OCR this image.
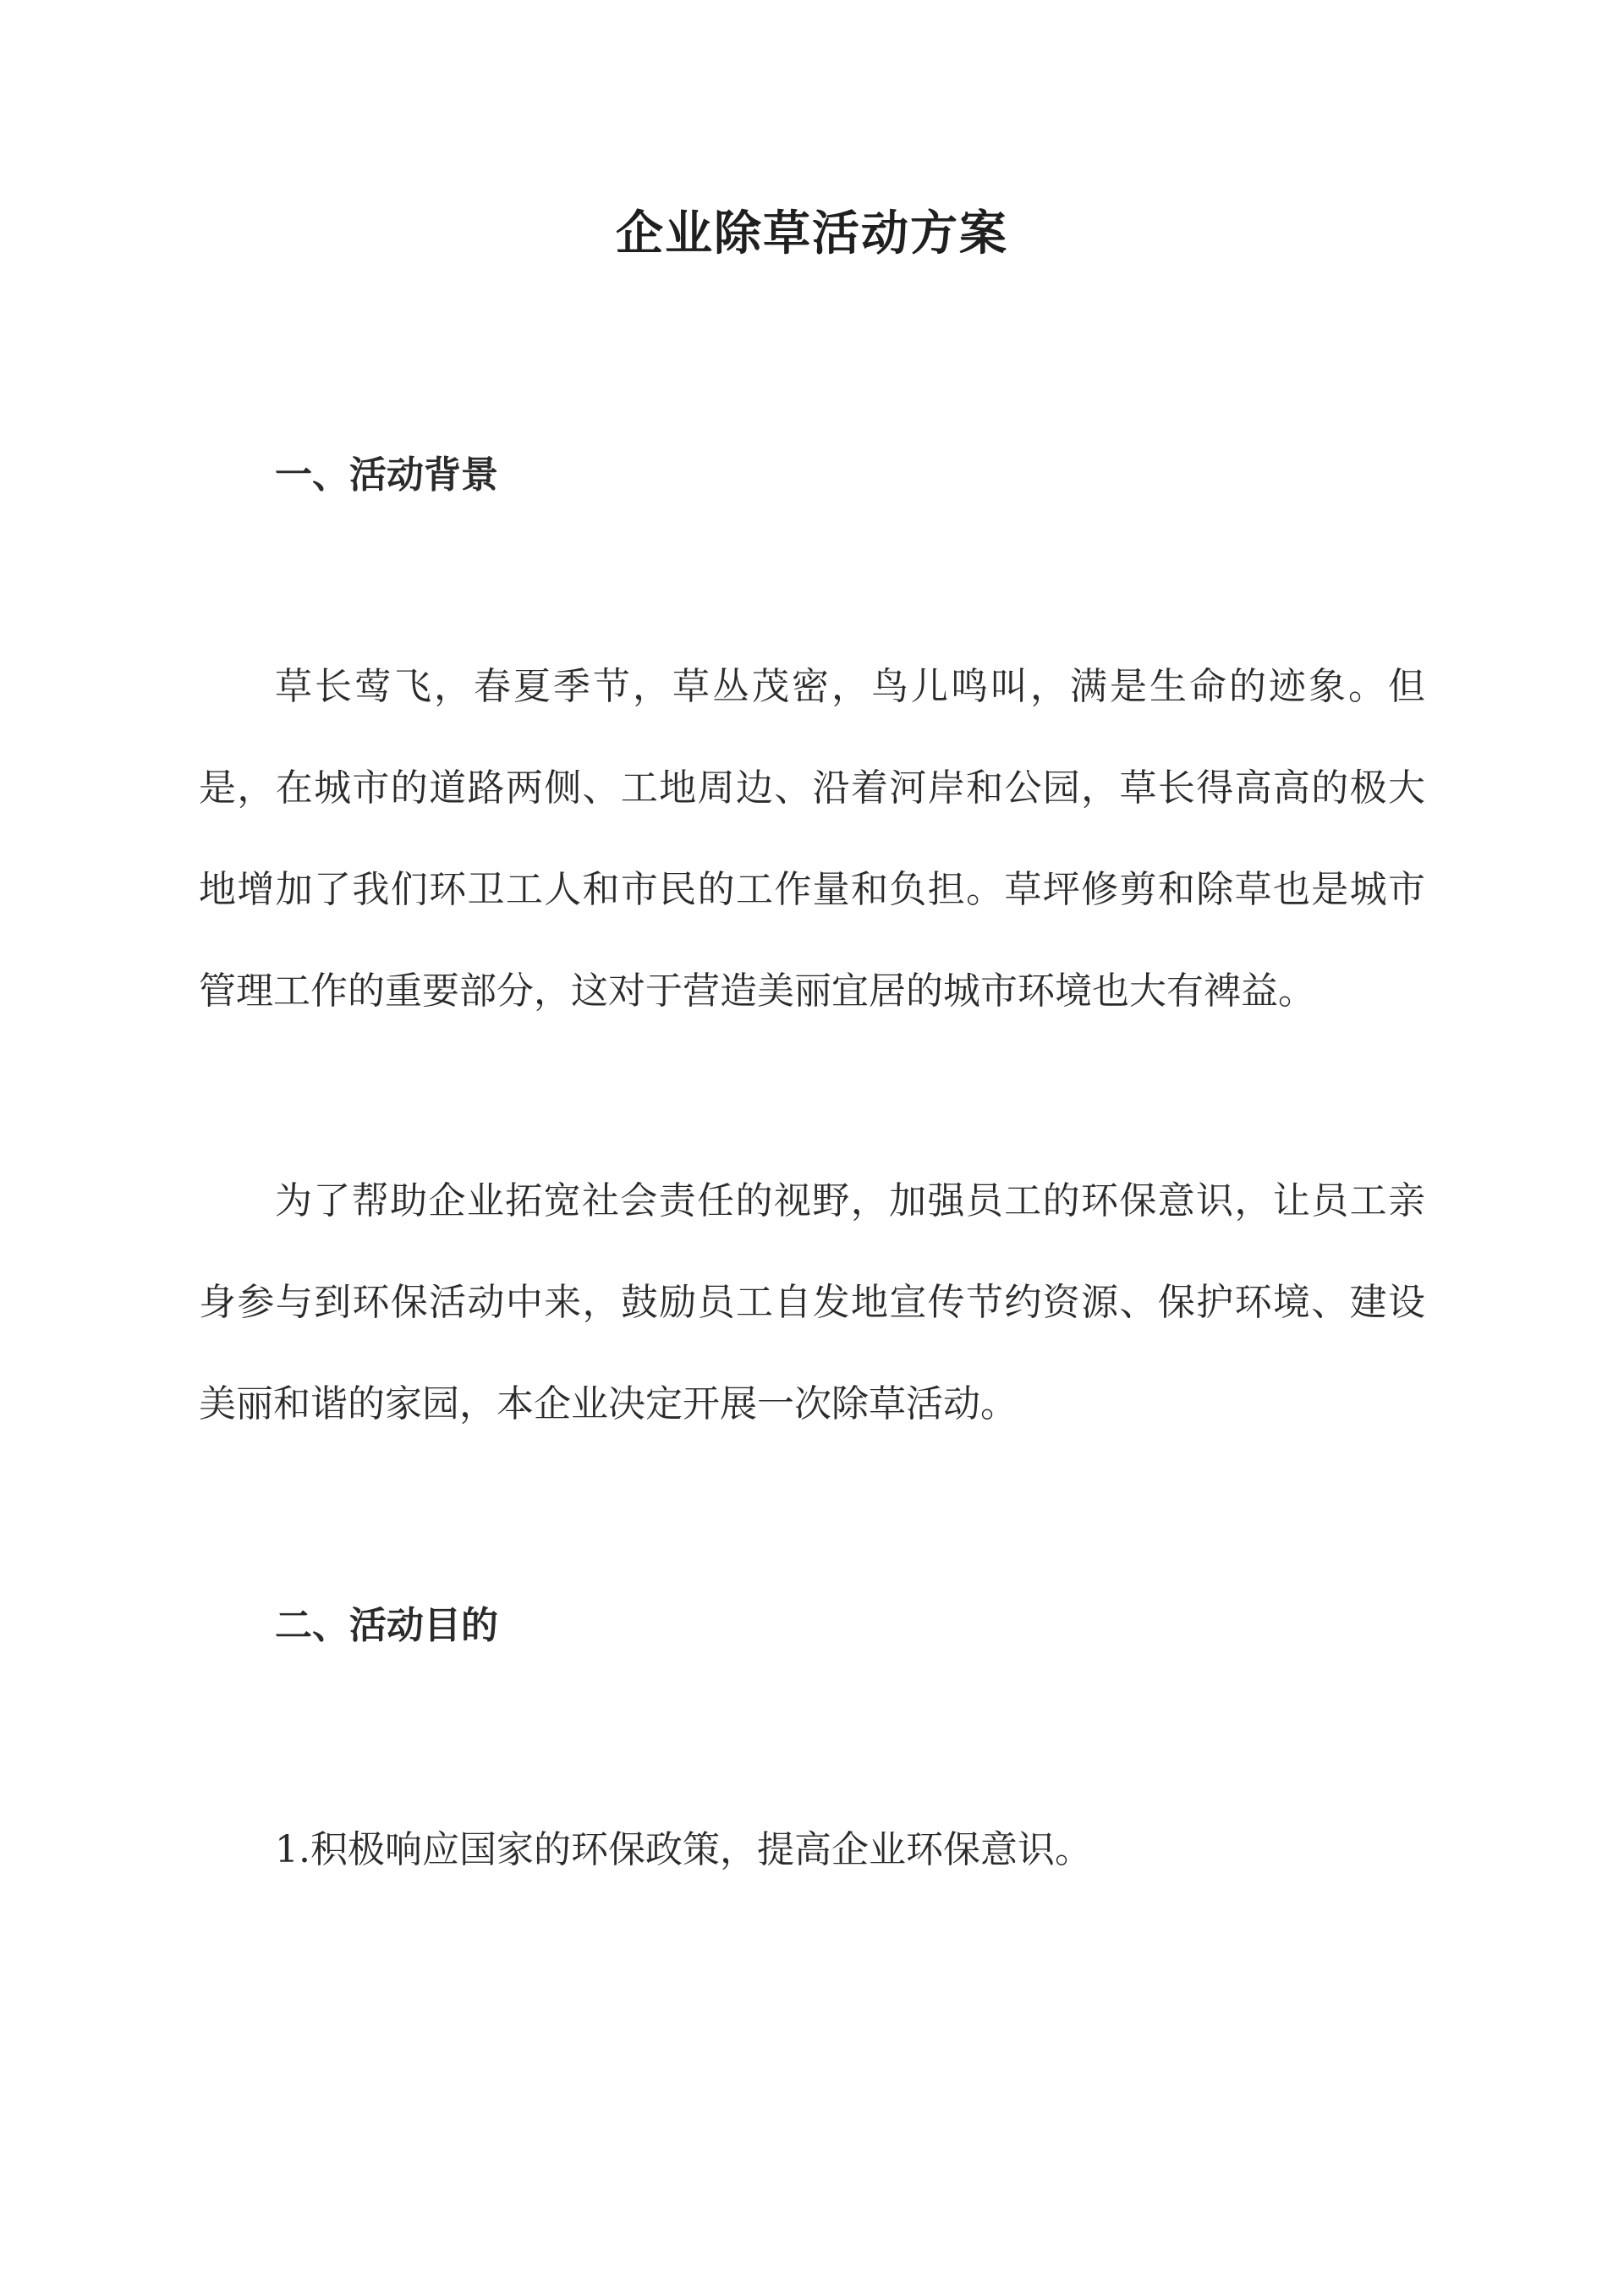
企业除草活动方案
一、活动背景

草长莺飞，春夏季节，草丛茂密，鸟儿鸣叫，满是生命的迹象。但是，在城市的道路两侧、工地周边、沿着河岸和公园，草长得高高的极大地增加了我们环卫工人和市民的工作量和负担。草坪修剪和除草也是城市管理工作的重要部分，这对于营造美丽宜居的城市环境也大有裨益。

为了帮助企业拓宽社会责任的视野，加强员工的环保意识，让员工亲身参与到环保活动中来，鼓励员工自发地宣传节约资源、保护环境、建设美丽和谐的家园，本企业决定开展一次除草活动。

二、活动目的

1.积极响应国家的环保政策，提高企业环保意识。
